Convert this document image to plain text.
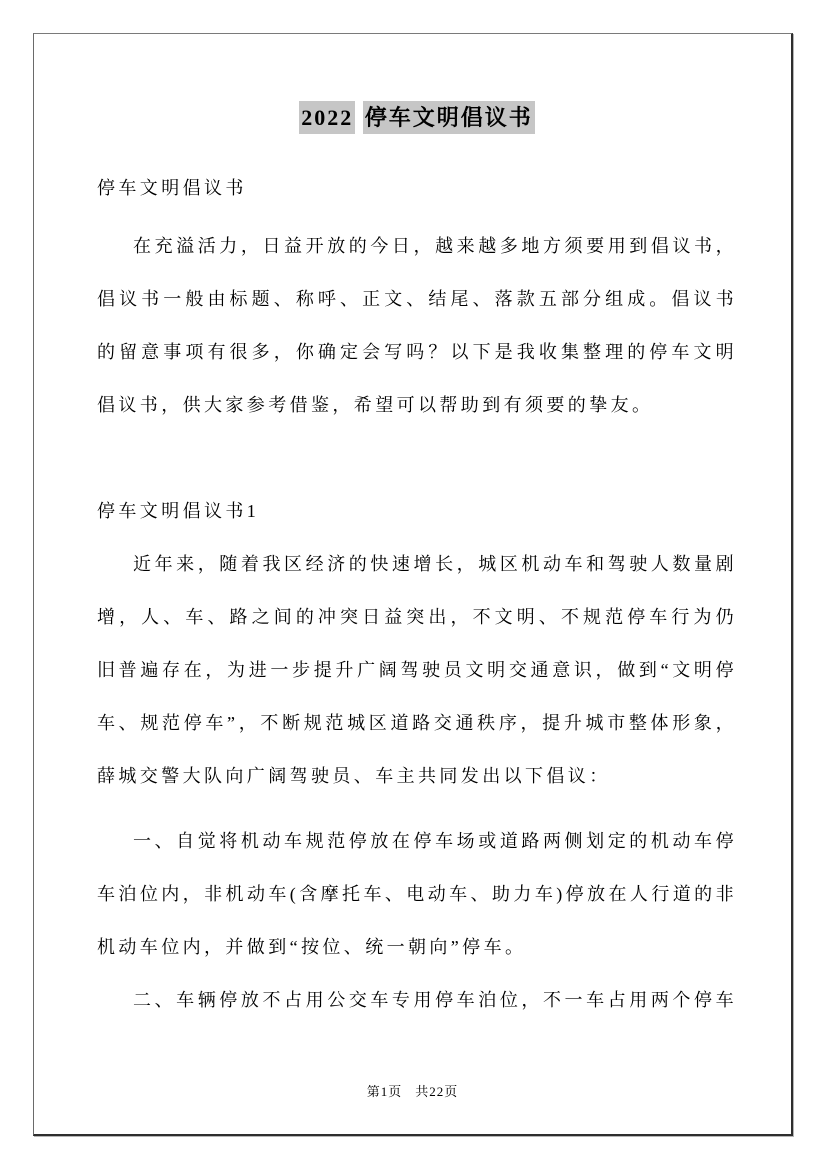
2022 停车文明倡议书

停车文明倡议书

在充溢活力，日益开放的今日，越来越多地方须要用到倡议书，倡议书一般由标题、称呼、正文、结尾、落款五部分组成。倡议书的留意事项有很多，你确定会写吗？以下是我收集整理的停车文明倡议书，供大家参考借鉴，希望可以帮助到有须要的挚友。

停车文明倡议书1

近年来，随着我区经济的快速增长，城区机动车和驾驶人数量剧增，人、车、路之间的冲突日益突出，不文明、不规范停车行为仍旧普遍存在，为进一步提升广阔驾驶员文明交通意识，做到“文明停车、规范停车”，不断规范城区道路交通秩序，提升城市整体形象，薛城交警大队向广阔驾驶员、车主共同发出以下倡议：

一、自觉将机动车规范停放在停车场或道路两侧划定的机动车停车泊位内，非机动车(含摩托车、电动车、助力车)停放在人行道的非机动车位内，并做到“按位、统一朝向”停车。

二、车辆停放不占用公交车专用停车泊位，不一车占用两个停车

第1页 共22页
